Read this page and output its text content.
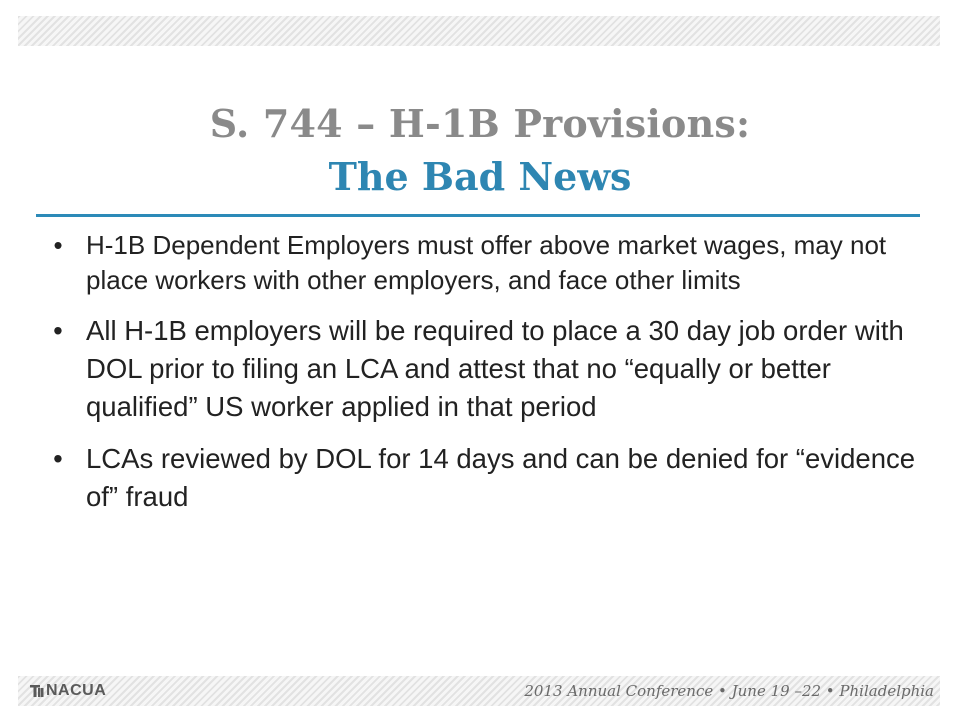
S. 744 – H-1B Provisions:
The Bad News
• H-1B Dependent Employers must offer above market wages, may not place workers with other employers, and face other limits
• All H-1B employers will be required to place a 30 day job order with DOL prior to filing an LCA and attest that no “equally or better qualified” US worker applied in that period
• LCAs reviewed by DOL for 14 days and can be denied for “evidence of” fraud
NACUA	2013 Annual Conference • June 19 –22 • Philadelphia
